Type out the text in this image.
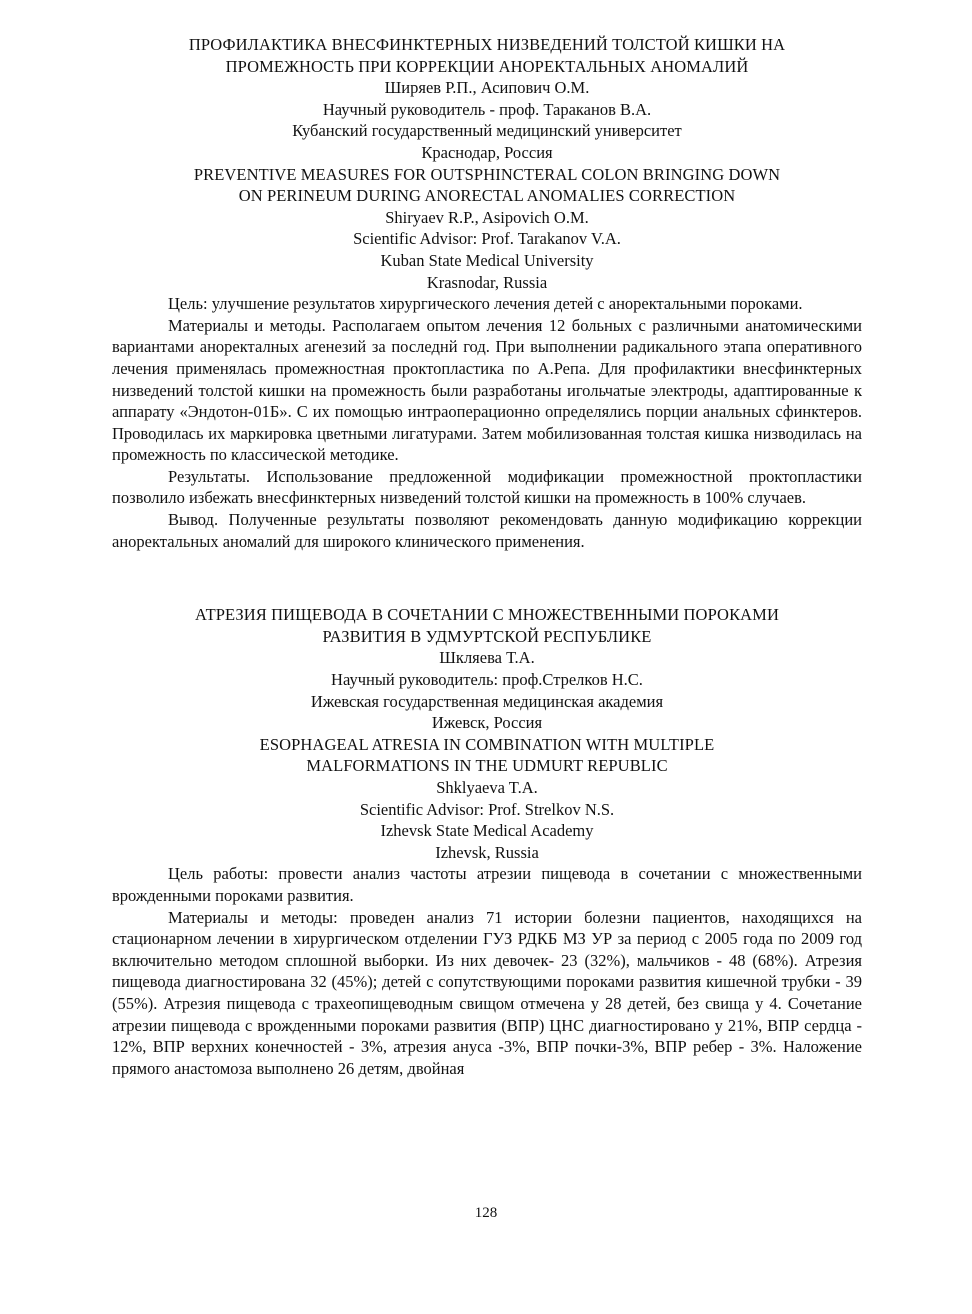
ПРОФИЛАКТИКА ВНЕСФИНКТЕРНЫХ НИЗВЕДЕНИЙ ТОЛСТОЙ КИШКИ НА
ПРОМЕЖНОСТЬ ПРИ КОРРЕКЦИИ АНОРЕКТАЛЬНЫХ АНОМАЛИЙ
Ширяев Р.П., Асипович О.М.
Научный руководитель - проф. Тараканов В.А.
Кубанский государственный медицинский университет
Краснодар, Россия
PREVENTIVE MEASURES FOR OUTSPHINCTERAL COLON BRINGING DOWN
ON PERINEUM DURING ANORECTAL ANOMALIES CORRECTION
Shiryaev R.P., Asipovich O.M.
Scientific Advisor: Prof. Tarakanov V.A.
Kuban State Medical University
Krasnodar, Russia

Цель: улучшение результатов хирургического лечения детей с аноректальными пороками.

Материалы и методы. Располагаем опытом лечения 12 больных с различными анатомическими вариантами аноректалных агенезий за последнй год. При выполнении радикального этапа оперативного лечения применялась промежностная проктопластика по А.Репа. Для профилактики внесфинктерных низведений толстой кишки на промежность были разработаны игольчатые электроды, адаптированные к аппарату «Эндотон-01Б». С их помощью интраоперационно определялись порции анальных сфинктеров. Проводилась их маркировка цветными лигатурами. Затем мобилизованная толстая кишка низводилась на промежность по классической методике.

Результаты. Использование предложенной модификации промежностной проктопластики позволило избежать внесфинктерных низведений толстой кишки на промежность в 100% случаев.

Вывод. Полученные результаты позволяют рекомендовать данную модификацию коррекции аноректальных аномалий для широкого клинического применения.

АТРЕЗИЯ ПИЩЕВОДА В СОЧЕТАНИИ С МНОЖЕСТВЕННЫМИ ПОРОКАМИ
РАЗВИТИЯ В УДМУРТСКОЙ РЕСПУБЛИКЕ
Шкляева Т.А.
Научный руководитель: проф.Стрелков Н.С.
Ижевская государственная медицинская академия
Ижевск, Россия
ESOPHAGEAL ATRESIA IN COMBINATION WITH MULTIPLE
MALFORMATIONS IN THE UDMURT REPUBLIC
Shklyaeva T.A.
Scientific Advisor: Prof. Strelkov N.S.
Izhevsk State Medical Academy
Izhevsk, Russia

Цель работы: провести анализ частоты атрезии пищевода в сочетании с множественными врожденными пороками развития.

Материалы и методы: проведен анализ 71 истории болезни пациентов, находящихся на стационарном лечении в хирургическом отделении ГУЗ РДКБ МЗ УР за период с 2005 года по 2009 год включительно методом сплошной выборки. Из них девочек- 23 (32%), мальчиков - 48 (68%). Атрезия пищевода диагностирована 32 (45%); детей с сопутствующими пороками развития кишечной трубки - 39 (55%). Атрезия пищевода с трахеопищеводным свищом отмечена у 28 детей, без свища у 4. Сочетание атрезии пищевода с врожденными пороками развития (ВПР) ЦНС диагностировано у 21%, ВПР сердца - 12%, ВПР верхних конечностей - 3%, атрезия ануса -3%, ВПР почки-3%, ВПР ребер - 3%. Наложение прямого анастомоза выполнено 26 детям, двойная

128
